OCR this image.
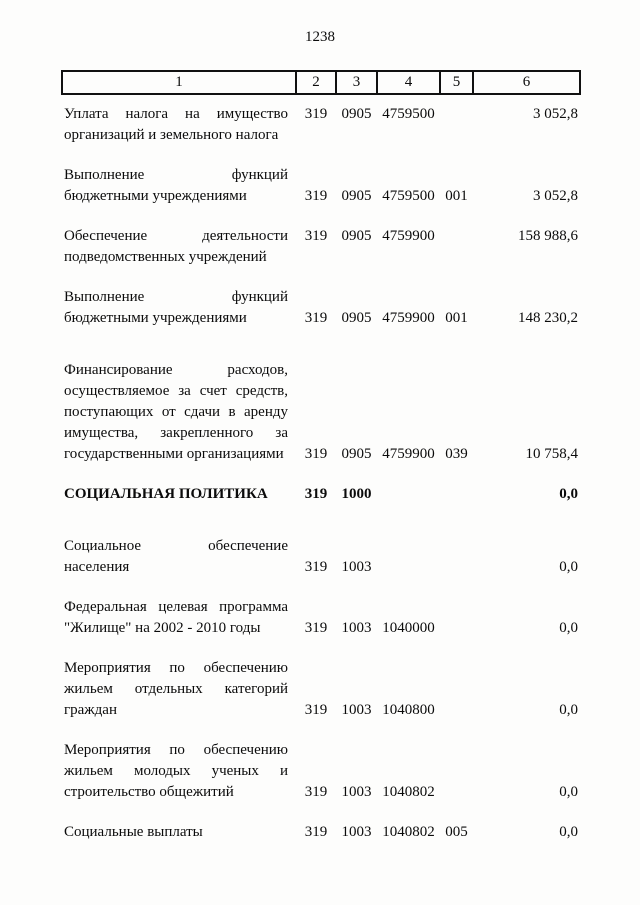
1238
1	2	3	4	5	6
Уплата налога на имущество организаций и земельного налога	319	0905	4759500		3 052,8
Выполнение функций бюджетными учреждениями	319	0905	4759500	001	3 052,8
Обеспечение деятельности подведомственных учреждений	319	0905	4759900		158 988,6
Выполнение функций бюджетными учреждениями	319	0905	4759900	001	148 230,2
Финансирование расходов, осуществляемое за счет средств, поступающих от сдачи в аренду имущества, закрепленного за государственными организациями	319	0905	4759900	039	10 758,4
СОЦИАЛЬНАЯ ПОЛИТИКА	319	1000			0,0
Социальное обеспечение населения	319	1003			0,0
Федеральная целевая программа "Жилище" на 2002 - 2010 годы	319	1003	1040000		0,0
Мероприятия по обеспечению жильем отдельных категорий граждан	319	1003	1040800		0,0
Мероприятия по обеспечению жильем молодых ученых и строительство общежитий	319	1003	1040802		0,0
Социальные выплаты	319	1003	1040802	005	0,0
